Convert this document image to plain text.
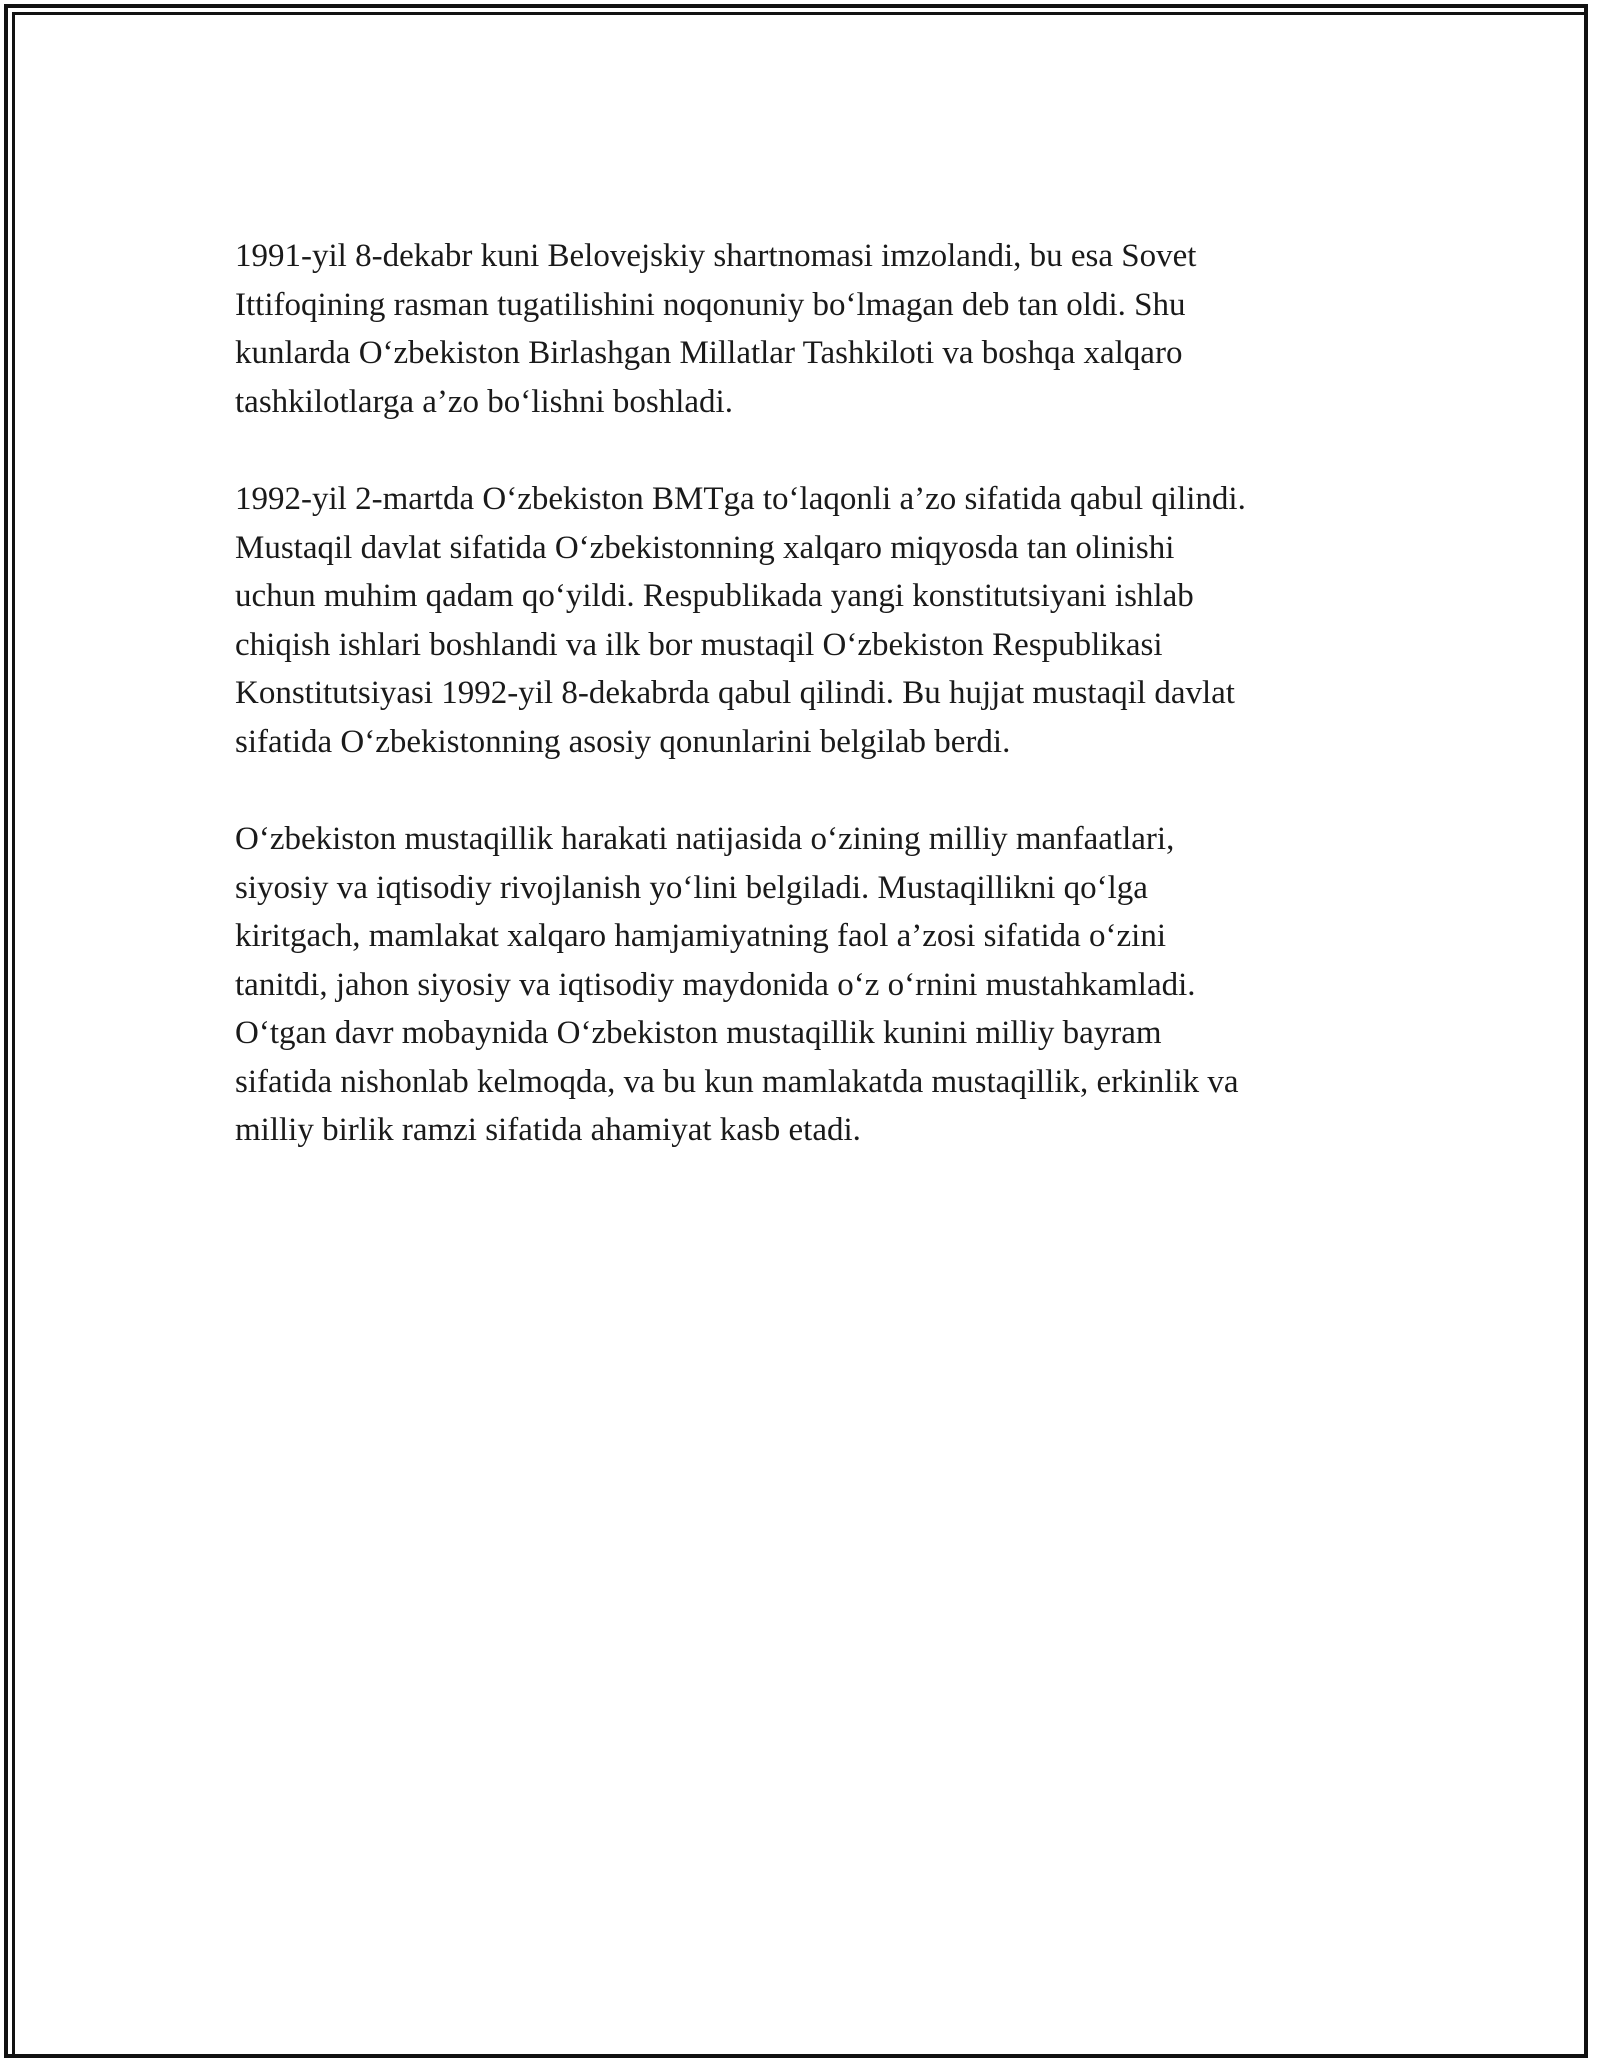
1991-yil 8-dekabr kuni Belovejskiy shartnomasi imzolandi, bu esa Sovet
Ittifoqining rasman tugatilishini noqonuniy bo‘lmagan deb tan oldi. Shu
kunlarda O‘zbekiston Birlashgan Millatlar Tashkiloti va boshqa xalqaro
tashkilotlarga a’zo bo‘lishni boshladi.

1992-yil 2-martda O‘zbekiston BMTga to‘laqonli a’zo sifatida qabul qilindi.
Mustaqil davlat sifatida O‘zbekistonning xalqaro miqyosda tan olinishi
uchun muhim qadam qo‘yildi. Respublikada yangi konstitutsiyani ishlab
chiqish ishlari boshlandi va ilk bor mustaqil O‘zbekiston Respublikasi
Konstitutsiyasi 1992-yil 8-dekabrda qabul qilindi. Bu hujjat mustaqil davlat
sifatida O‘zbekistonning asosiy qonunlarini belgilab berdi.

O‘zbekiston mustaqillik harakati natijasida o‘zining milliy manfaatlari,
siyosiy va iqtisodiy rivojlanish yo‘lini belgiladi. Mustaqillikni qo‘lga
kiritgach, mamlakat xalqaro hamjamiyatning faol a’zosi sifatida o‘zini
tanitdi, jahon siyosiy va iqtisodiy maydonida o‘z o‘rnini mustahkamladi.
O‘tgan davr mobaynida O‘zbekiston mustaqillik kunini milliy bayram
sifatida nishonlab kelmoqda, va bu kun mamlakatda mustaqillik, erkinlik va
milliy birlik ramzi sifatida ahamiyat kasb etadi.
